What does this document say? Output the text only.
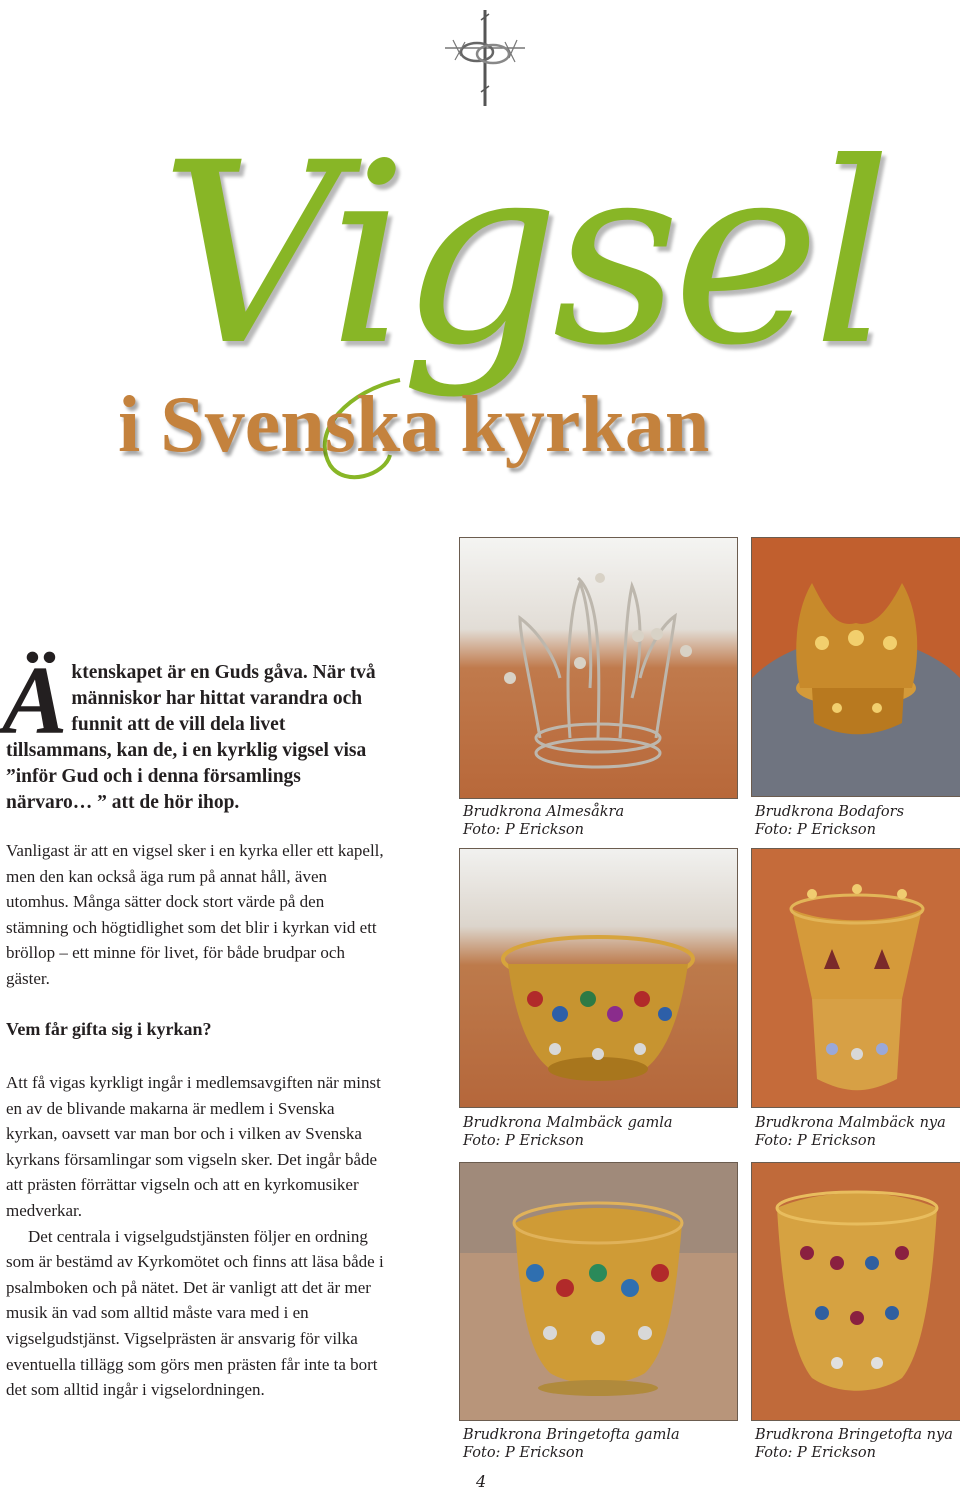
Vigsel
i Svenska kyrkan
Äktenskapet är en Guds gåva. När två människor har hittat varandra och funnit att de vill dela livet tillsammans, kan de, i en kyrklig vigsel visa ”inför Gud och i denna församlings närvaro… ” att de hör ihop.
Vanligast är att en vigsel sker i en kyrka eller ett kapell, men den kan också äga rum på annat håll, även utomhus. Många sätter dock stort värde på den stämning och högtidlighet som det blir i kyrkan vid ett bröllop – ett minne för livet, för både brudpar och gäster.
Vem får gifta sig i kyrkan?

Att få vigas kyrkligt ingår i medlemsavgiften när minst en av de blivande makarna är medlem i Svenska kyrkan, oavsett var man bor och i vilken av Svenska kyrkans församlingar som vigseln sker. Det ingår både att prästen förrättar vigseln och att en kyrkomusiker medverkar.

Det centrala i vigselgudstjänsten följer en ordning som är bestämd av Kyrkomötet och finns att läsa både i psalmboken och på nätet. Det är vanligt att det är mer musik än vad som alltid måste vara med i en vigselgudstjänst. Vigselprästen är ansvarig för vilka eventuella tillägg som görs men prästen får inte ta bort det som alltid ingår i vigselordningen.

Brudkrona Almesåkra
Foto: P Erickson
Brudkrona Bodafors
Foto: P Erickson
Brudkrona Malmbäck gamla
Foto: P Erickson
Brudkrona Malmbäck nya
Foto: P Erickson
Brudkrona Bringetofta gamla
Foto: P Erickson
Brudkrona Bringetofta nya
Foto: P Erickson
4
